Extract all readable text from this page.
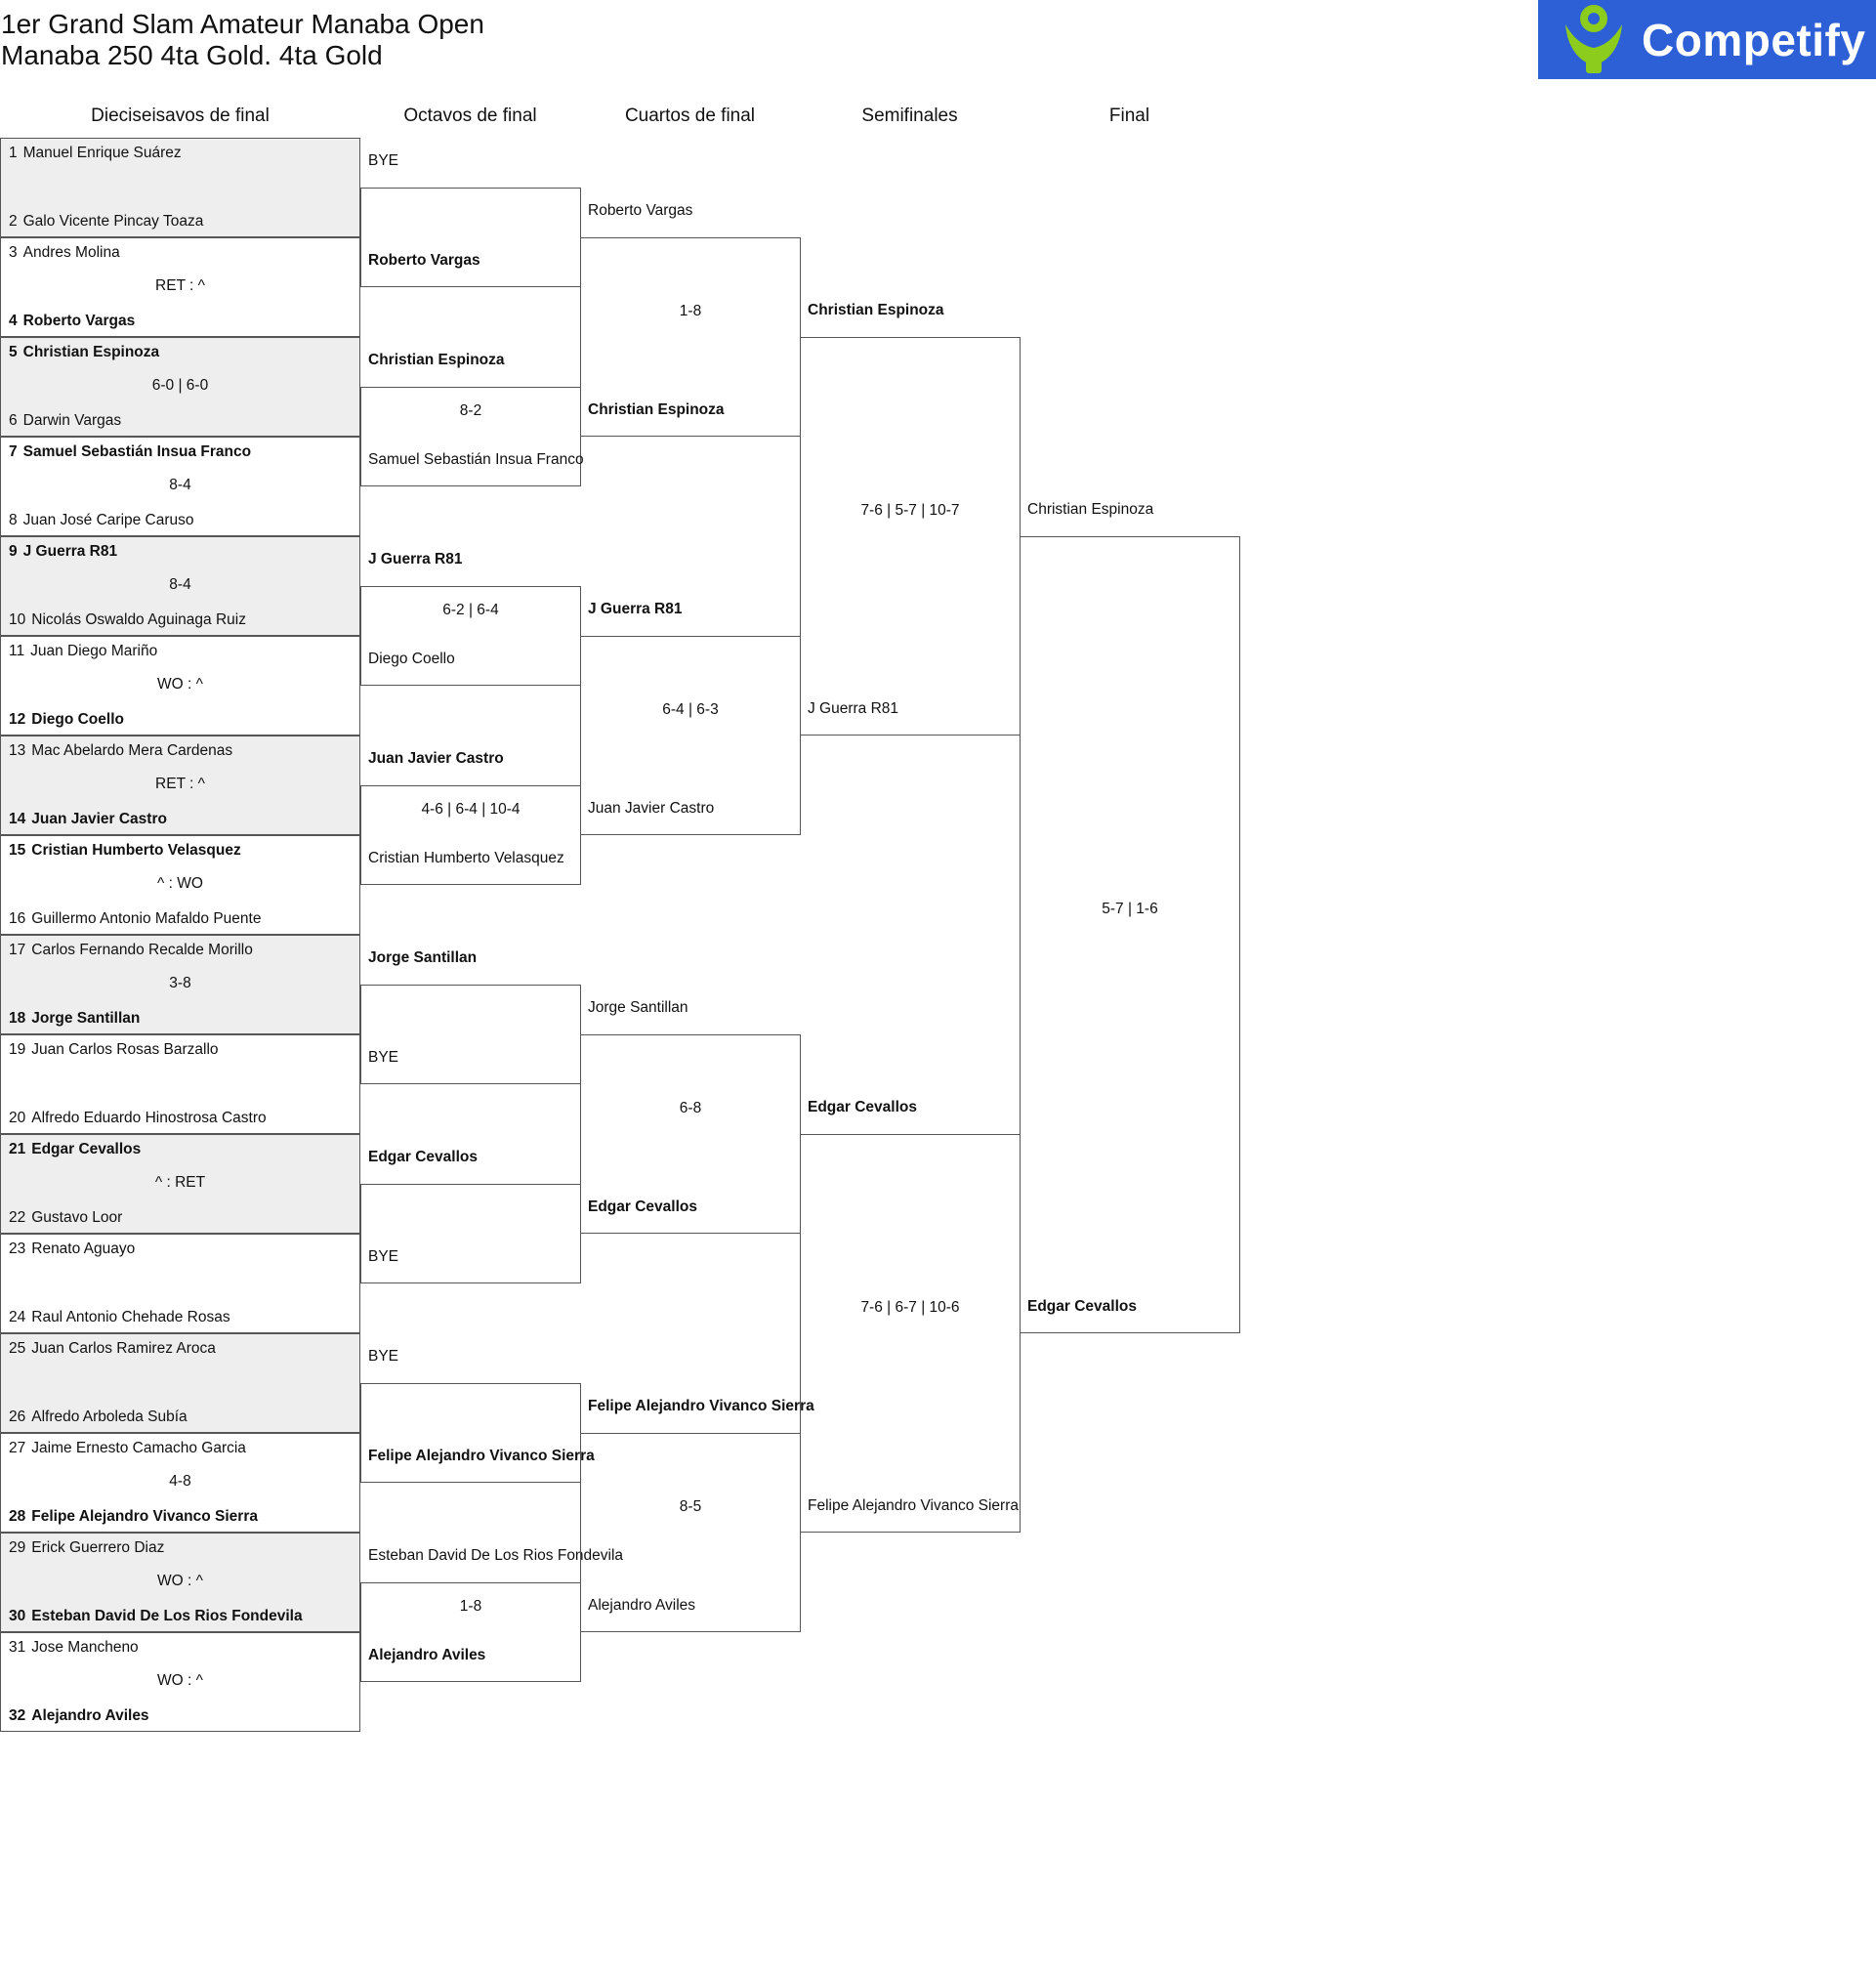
1er Grand Slam Amateur Manaba Open
Manaba 250 4ta Gold. 4ta Gold	Competify
Dieciseisavos de final	Octavos de final	Cuartos de final	Semifinales	Final
1 Manuel Enrique Suárez
2 Galo Vicente Pincay Toaza
3 Andres Molina
RET : ^
4 Roberto Vargas
5 Christian Espinoza
6-0 | 6-0
6 Darwin Vargas
7 Samuel Sebastián Insua Franco
8-4
8 Juan José Caripe Caruso
9 J Guerra R81
8-4
10 Nicolás Oswaldo Aguinaga Ruiz
11 Juan Diego Mariño
WO : ^
12 Diego Coello
13 Mac Abelardo Mera Cardenas
RET : ^
14 Juan Javier Castro
15 Cristian Humberto Velasquez
^ : WO
16 Guillermo Antonio Mafaldo Puente
17 Carlos Fernando Recalde Morillo
3-8
18 Jorge Santillan
19 Juan Carlos Rosas Barzallo
20 Alfredo Eduardo Hinostrosa Castro
21 Edgar Cevallos
^ : RET
22 Gustavo Loor
23 Renato Aguayo
24 Raul Antonio Chehade Rosas
25 Juan Carlos Ramirez Aroca
26 Alfredo Arboleda Subía
27 Jaime Ernesto Camacho Garcia
4-8
28 Felipe Alejandro Vivanco Sierra
29 Erick Guerrero Diaz
WO : ^
30 Esteban David De Los Rios Fondevila
31 Jose Mancheno
WO : ^
32 Alejandro Aviles
BYE
Roberto Vargas
Christian Espinoza
8-2
Samuel Sebastián Insua Franco
J Guerra R81
6-2 | 6-4
Diego Coello
Juan Javier Castro
4-6 | 6-4 | 10-4
Cristian Humberto Velasquez
Jorge Santillan
BYE
Edgar Cevallos
BYE
BYE
Felipe Alejandro Vivanco Sierra
Esteban David De Los Rios Fondevila
1-8
Alejandro Aviles
Roberto Vargas
1-8
Christian Espinoza
J Guerra R81
6-4 | 6-3
Juan Javier Castro
Jorge Santillan
6-8
Edgar Cevallos
Felipe Alejandro Vivanco Sierra
8-5
Alejandro Aviles
Christian Espinoza
7-6 | 5-7 | 10-7
J Guerra R81
Edgar Cevallos
7-6 | 6-7 | 10-6
Felipe Alejandro Vivanco Sierra
Christian Espinoza
5-7 | 1-6
Edgar Cevallos
